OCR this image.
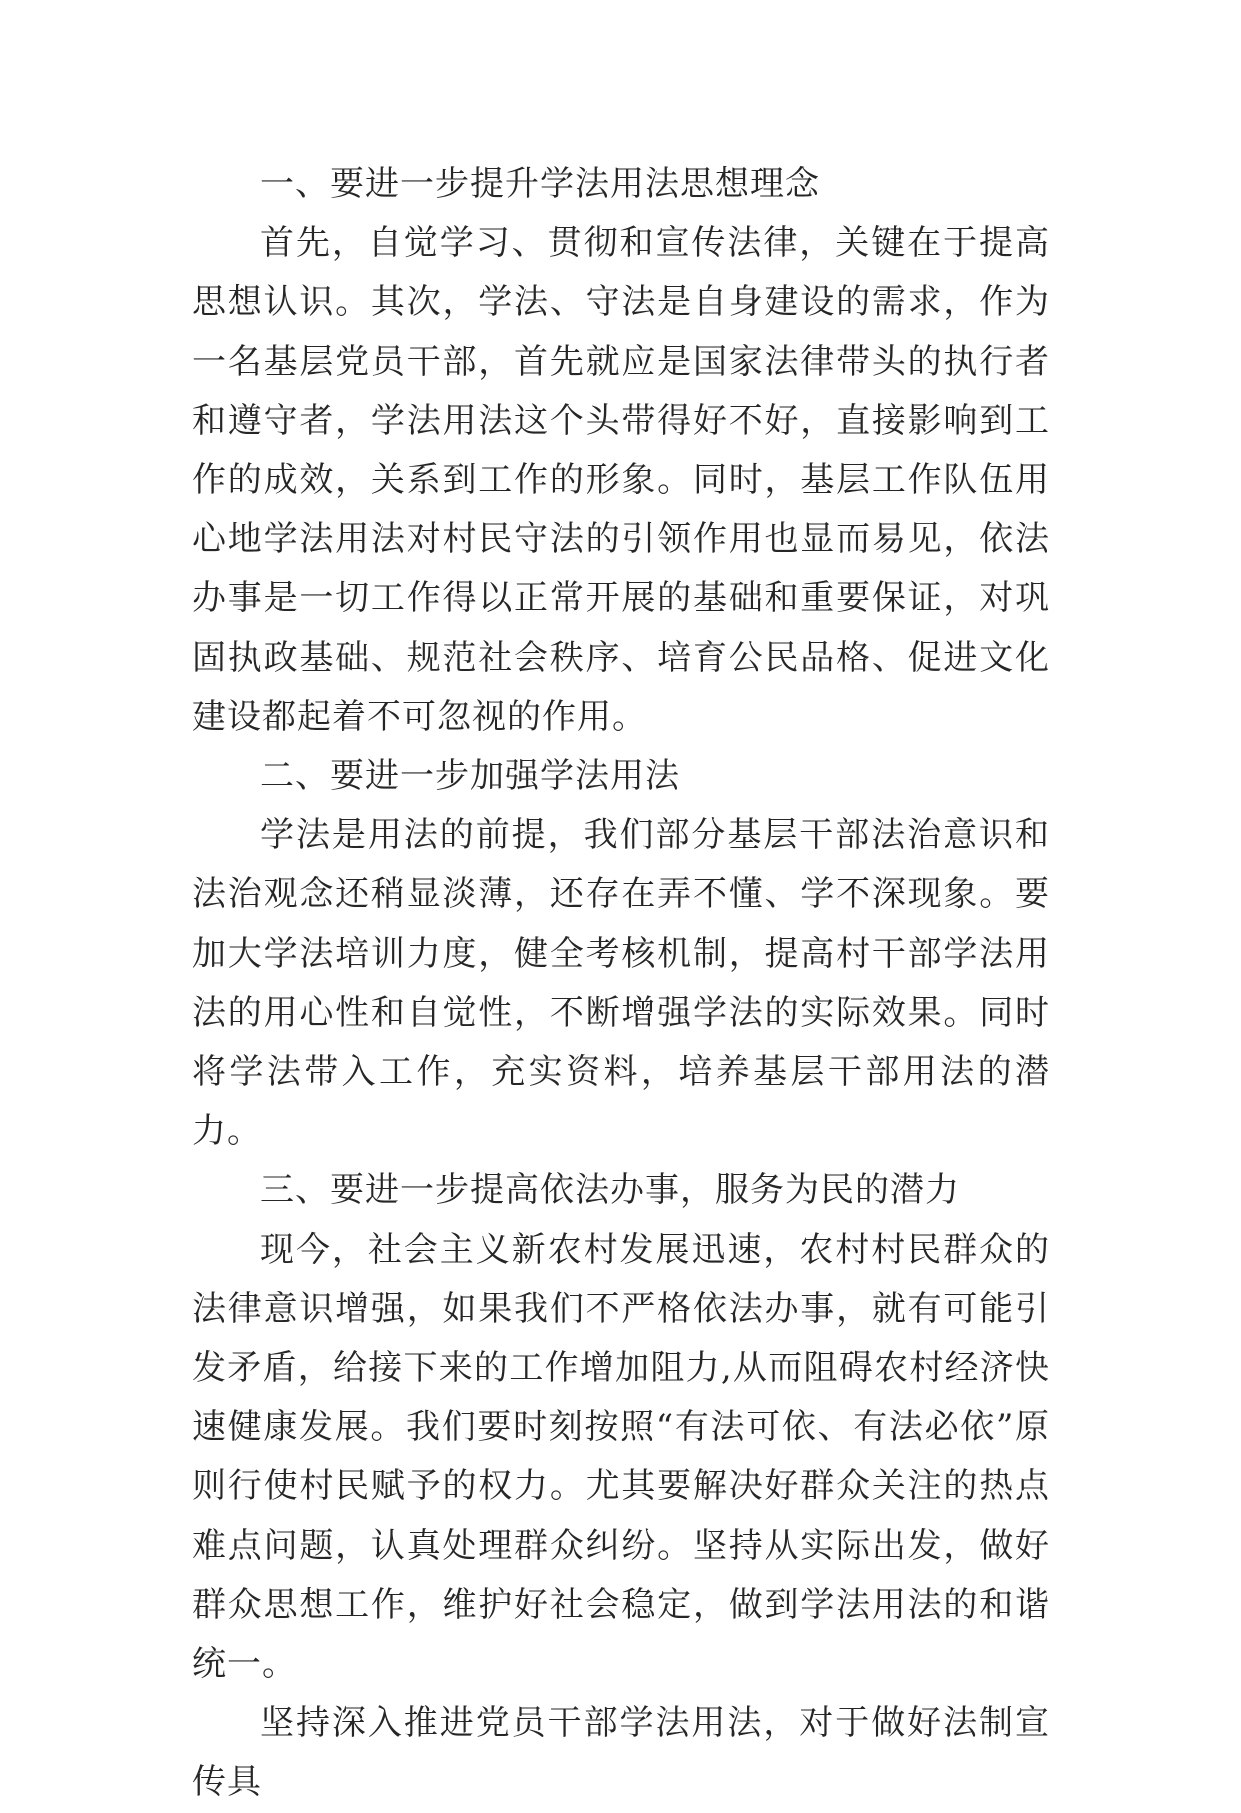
一、要进一步提升学法用法思想理念

首先，自觉学习、贯彻和宣传法律，关键在于提高思想认识。其次，学法、守法是自身建设的需求，作为一名基层党员干部，首先就应是国家法律带头的执行者和遵守者，学法用法这个头带得好不好，直接影响到工作的成效，关系到工作的形象。同时，基层工作队伍用心地学法用法对村民守法的引领作用也显而易见，依法办事是一切工作得以正常开展的基础和重要保证，对巩固执政基础、规范社会秩序、培育公民品格、促进文化建设都起着不可忽视的作用。

二、要进一步加强学法用法

学法是用法的前提，我们部分基层干部法治意识和法治观念还稍显淡薄，还存在弄不懂、学不深现象。要加大学法培训力度，健全考核机制，提高村干部学法用法的用心性和自觉性，不断增强学法的实际效果。同时将学法带入工作，充实资料，培养基层干部用法的潜力。

三、要进一步提高依法办事，服务为民的潜力

现今，社会主义新农村发展迅速，农村村民群众的法律意识增强，如果我们不严格依法办事，就有可能引发矛盾，给接下来的工作增加阻力,从而阻碍农村经济快速健康发展。我们要时刻按照“有法可依、有法必依”原则行使村民赋予的权力。尤其要解决好群众关注的热点难点问题，认真处理群众纠纷。坚持从实际出发，做好群众思想工作，维护好社会稳定，做到学法用法的和谐统一。

坚持深入推进党员干部学法用法，对于做好法制宣传具
